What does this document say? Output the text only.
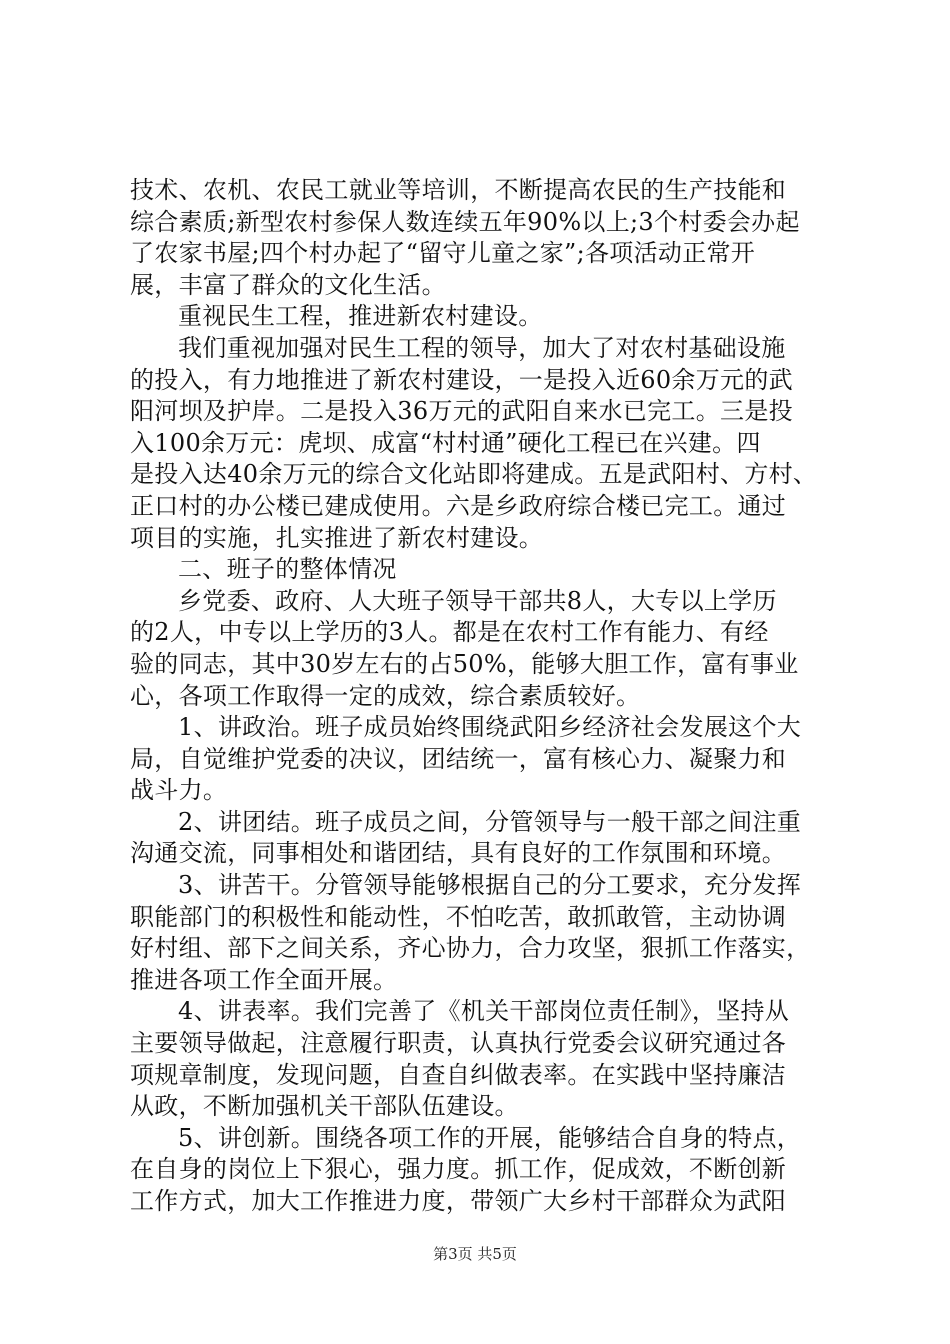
技术、农机、农民工就业等培训，不断提高农民的生产技能和
综合素质;新型农村参保人数连续五年90%以上;3个村委会办起
了农家书屋;四个村办起了“留守儿童之家”;各项活动正常开
展，丰富了群众的文化生活。
重视民生工程，推进新农村建设。
我们重视加强对民生工程的领导，加大了对农村基础设施
的投入，有力地推进了新农村建设，一是投入近60余万元的武
阳河坝及护岸。二是投入36万元的武阳自来水已完工。三是投
入100余万元：虎坝、成富“村村通”硬化工程已在兴建。四
是投入达40余万元的综合文化站即将建成。五是武阳村、方村、
正口村的办公楼已建成使用。六是乡政府综合楼已完工。通过
项目的实施，扎实推进了新农村建设。
二、班子的整体情况
乡党委、政府、人大班子领导干部共8人，大专以上学历
的2人，中专以上学历的3人。都是在农村工作有能力、有经
验的同志，其中30岁左右的占50%，能够大胆工作，富有事业
心，各项工作取得一定的成效，综合素质较好。
1、讲政治。班子成员始终围绕武阳乡经济社会发展这个大
局，自觉维护党委的决议，团结统一，富有核心力、凝聚力和
战斗力。
2、讲团结。班子成员之间，分管领导与一般干部之间注重
沟通交流，同事相处和谐团结，具有良好的工作氛围和环境。
3、讲苦干。分管领导能够根据自己的分工要求，充分发挥
职能部门的积极性和能动性，不怕吃苦，敢抓敢管，主动协调
好村组、部下之间关系，齐心协力，合力攻坚，狠抓工作落实，
推进各项工作全面开展。
4、讲表率。我们完善了《机关干部岗位责任制》，坚持从
主要领导做起，注意履行职责，认真执行党委会议研究通过各
项规章制度，发现问题，自查自纠做表率。在实践中坚持廉洁
从政，不断加强机关干部队伍建设。
5、讲创新。围绕各项工作的开展，能够结合自身的特点，
在自身的岗位上下狠心，强力度。抓工作，促成效，不断创新
工作方式，加大工作推进力度，带领广大乡村干部群众为武阳
第3页 共5页
